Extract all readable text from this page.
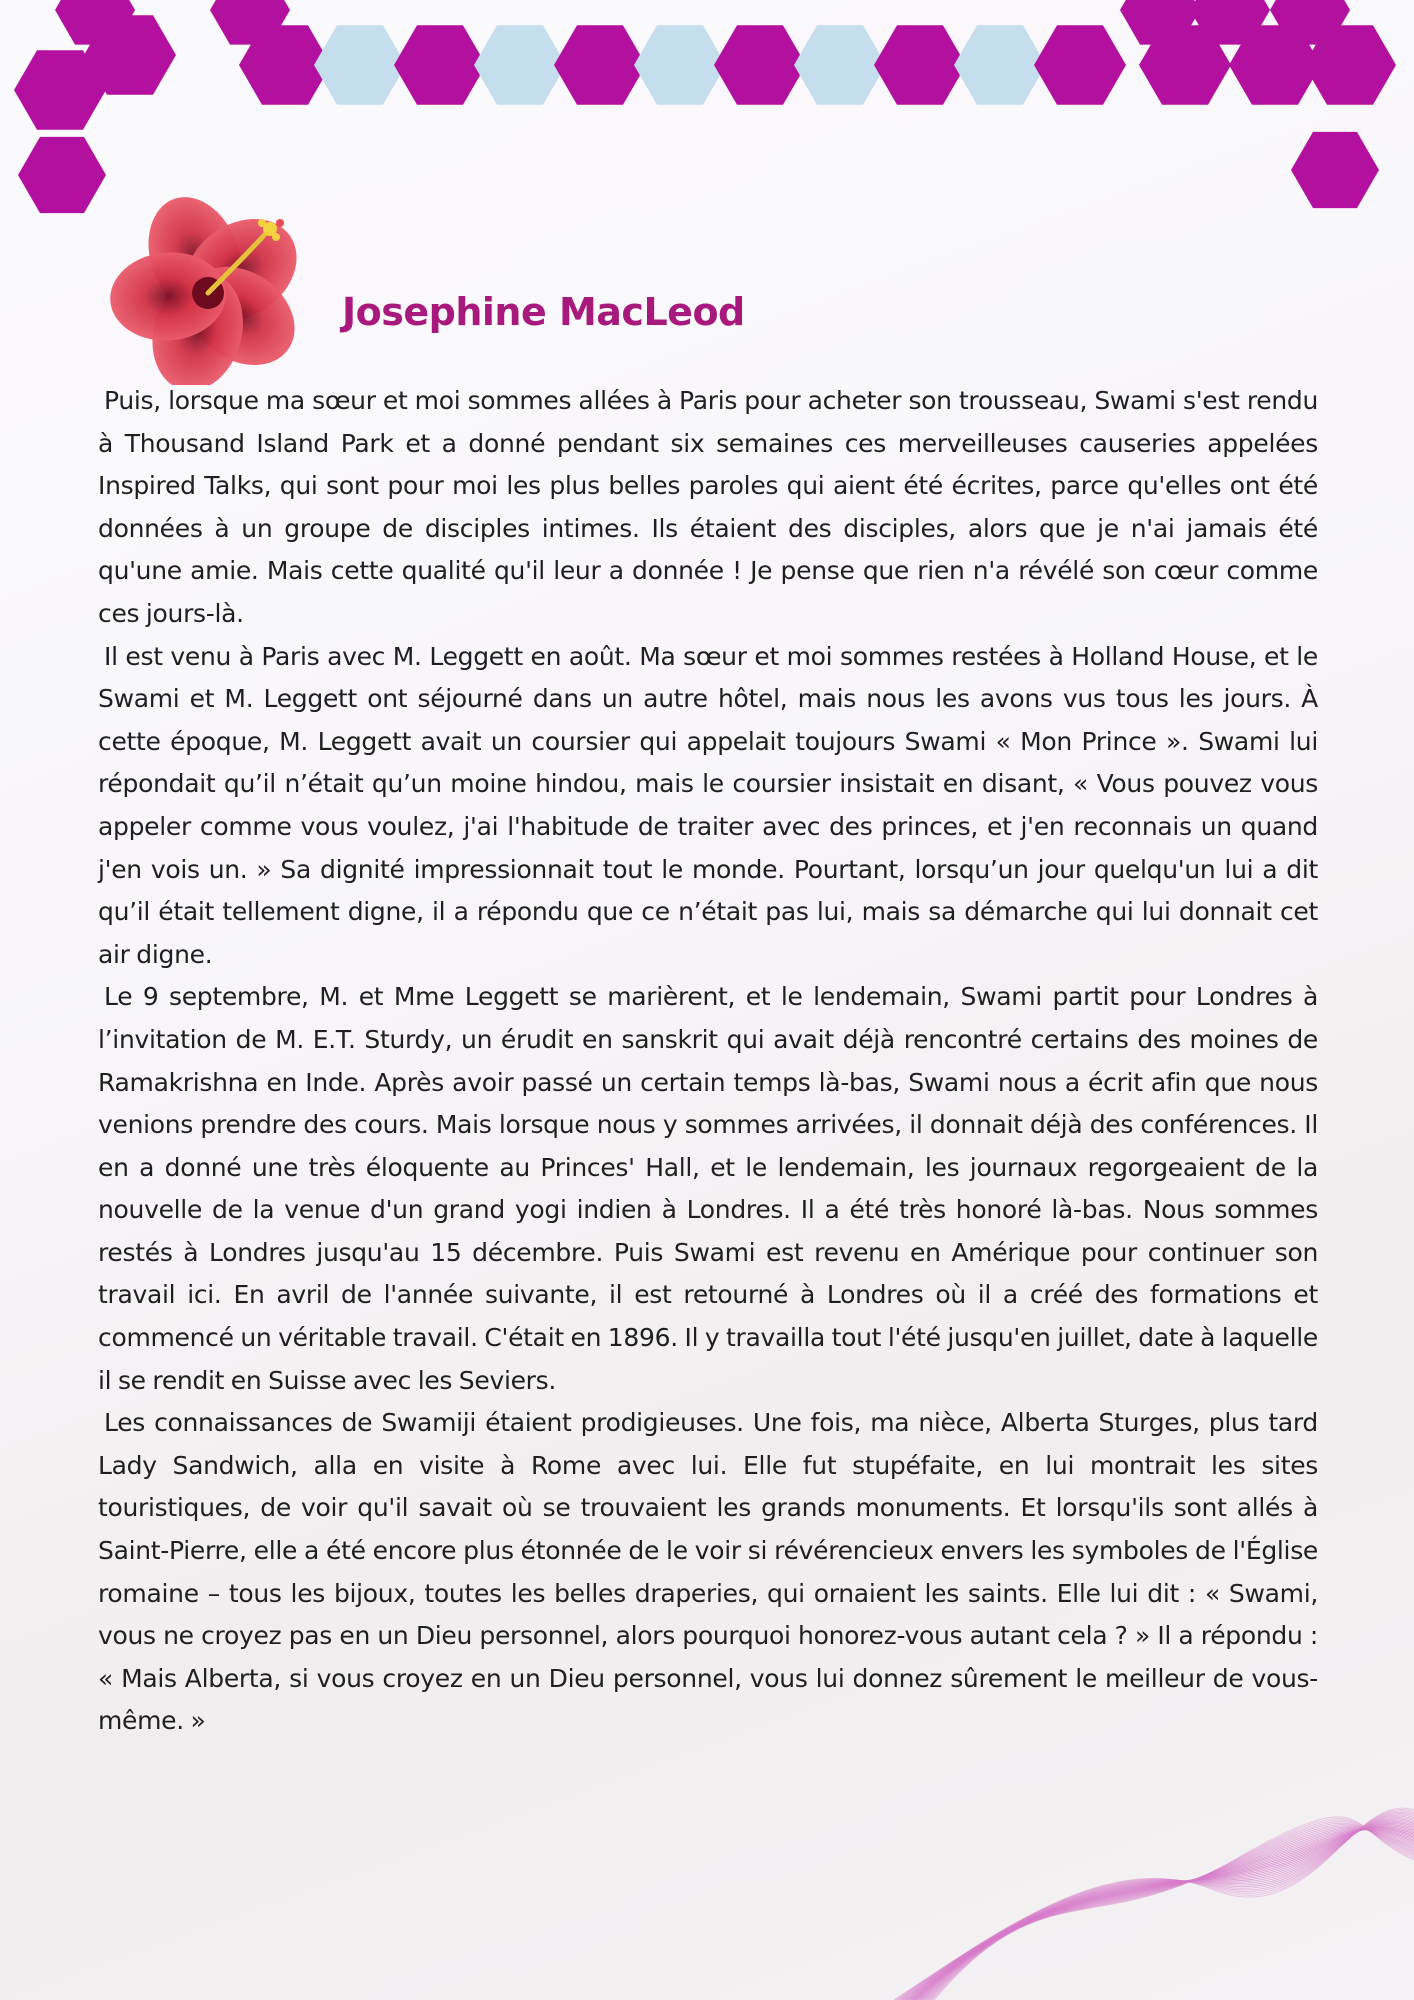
Josephine MacLeod

Puis, lorsque ma sœur et moi sommes allées à Paris pour acheter son trousseau, Swami s'est rendu à Thousand Island Park et a donné pendant six semaines ces merveilleuses causeries appelées Inspired Talks, qui sont pour moi les plus belles paroles qui aient été écrites, parce qu'elles ont été données à un groupe de disciples intimes. Ils étaient des disciples, alors que je n'ai jamais été qu'une amie. Mais cette qualité qu'il leur a donnée ! Je pense que rien n'a révélé son cœur comme ces jours-là.

Il est venu à Paris avec M. Leggett en août. Ma sœur et moi sommes restées à Holland House, et le Swami et M. Leggett ont séjourné dans un autre hôtel, mais nous les avons vus tous les jours. À cette époque, M. Leggett avait un coursier qui appelait toujours Swami « Mon Prince ». Swami lui répondait qu’il n’était qu’un moine hindou, mais le coursier insistait en disant, « Vous pouvez vous appeler comme vous voulez, j'ai l'habitude de traiter avec des princes, et j'en reconnais un quand j'en vois un. » Sa dignité impressionnait tout le monde. Pourtant, lorsqu’un jour quelqu'un lui a dit qu’il était tellement digne, il a répondu que ce n’était pas lui, mais sa démarche qui lui donnait cet air digne.

Le 9 septembre, M. et Mme Leggett se marièrent, et le lendemain, Swami partit pour Londres à l’invitation de M. E.T. Sturdy, un érudit en sanskrit qui avait déjà rencontré certains des moines de Ramakrishna en Inde. Après avoir passé un certain temps là-bas, Swami nous a écrit afin que nous venions prendre des cours. Mais lorsque nous y sommes arrivées, il donnait déjà des conférences. Il en a donné une très éloquente au Princes' Hall, et le lendemain, les journaux regorgeaient de la nouvelle de la venue d'un grand yogi indien à Londres. Il a été très honoré là-bas. Nous sommes restés à Londres jusqu'au 15 décembre. Puis Swami est revenu en Amérique pour continuer son travail ici. En avril de l'année suivante, il est retourné à Londres où il a créé des formations et commencé un véritable travail. C'était en 1896. Il y travailla tout l'été jusqu'en juillet, date à laquelle il se rendit en Suisse avec les Seviers.

Les connaissances de Swamiji étaient prodigieuses. Une fois, ma nièce, Alberta Sturges, plus tard Lady Sandwich, alla en visite à Rome avec lui. Elle fut stupéfaite, en lui montrait les sites touristiques, de voir qu'il savait où se trouvaient les grands monuments. Et lorsqu'ils sont allés à Saint-Pierre, elle a été encore plus étonnée de le voir si révérencieux envers les symboles de l'Église romaine – tous les bijoux, toutes les belles draperies, qui ornaient les saints. Elle lui dit : « Swami, vous ne croyez pas en un Dieu personnel, alors pourquoi honorez-vous autant cela ? » Il a répondu : « Mais Alberta, si vous croyez en un Dieu personnel, vous lui donnez sûrement le meilleur de vous-même. »
